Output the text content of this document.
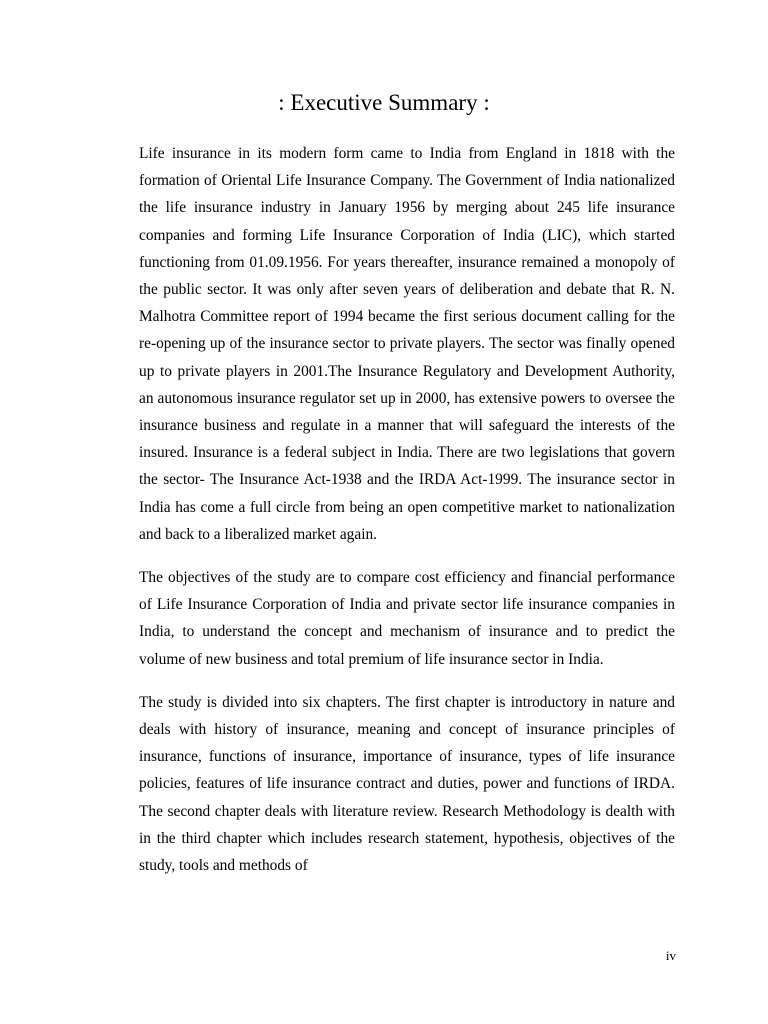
: Executive Summary :

Life insurance in its modern form came to India from England in 1818 with the formation of Oriental Life Insurance Company. The Government of India nationalized the life insurance industry in January 1956 by merging about 245 life insurance companies and forming Life Insurance Corporation of India (LIC), which started functioning from 01.09.1956. For years thereafter, insurance remained a monopoly of the public sector. It was only after seven years of deliberation and debate that R. N. Malhotra Committee report of 1994 became the first serious document calling for the re-opening up of the insurance sector to private players. The sector was finally opened up to private players in 2001.The Insurance Regulatory and Development Authority, an autonomous insurance regulator set up in 2000, has extensive powers to oversee the insurance business and regulate in a manner that will safeguard the interests of the insured. Insurance is a federal subject in India. There are two legislations that govern the sector- The Insurance Act-1938 and the IRDA Act-1999. The insurance sector in India has come a full circle from being an open competitive market to nationalization and back to a liberalized market again.

The objectives of the study are to compare cost efficiency and financial performance of Life Insurance Corporation of India and private sector life insurance companies in India, to understand the concept and mechanism of insurance and to predict the volume of new business and total premium of life insurance sector in India.

The study is divided into six chapters. The first chapter is introductory in nature and deals with history of insurance, meaning and concept of insurance principles of insurance, functions of insurance, importance of insurance, types of life insurance policies, features of life insurance contract and duties, power and functions of IRDA. The second chapter deals with literature review. Research Methodology is dealth with in the third chapter which includes research statement, hypothesis, objectives of the study, tools and methods of

iv
